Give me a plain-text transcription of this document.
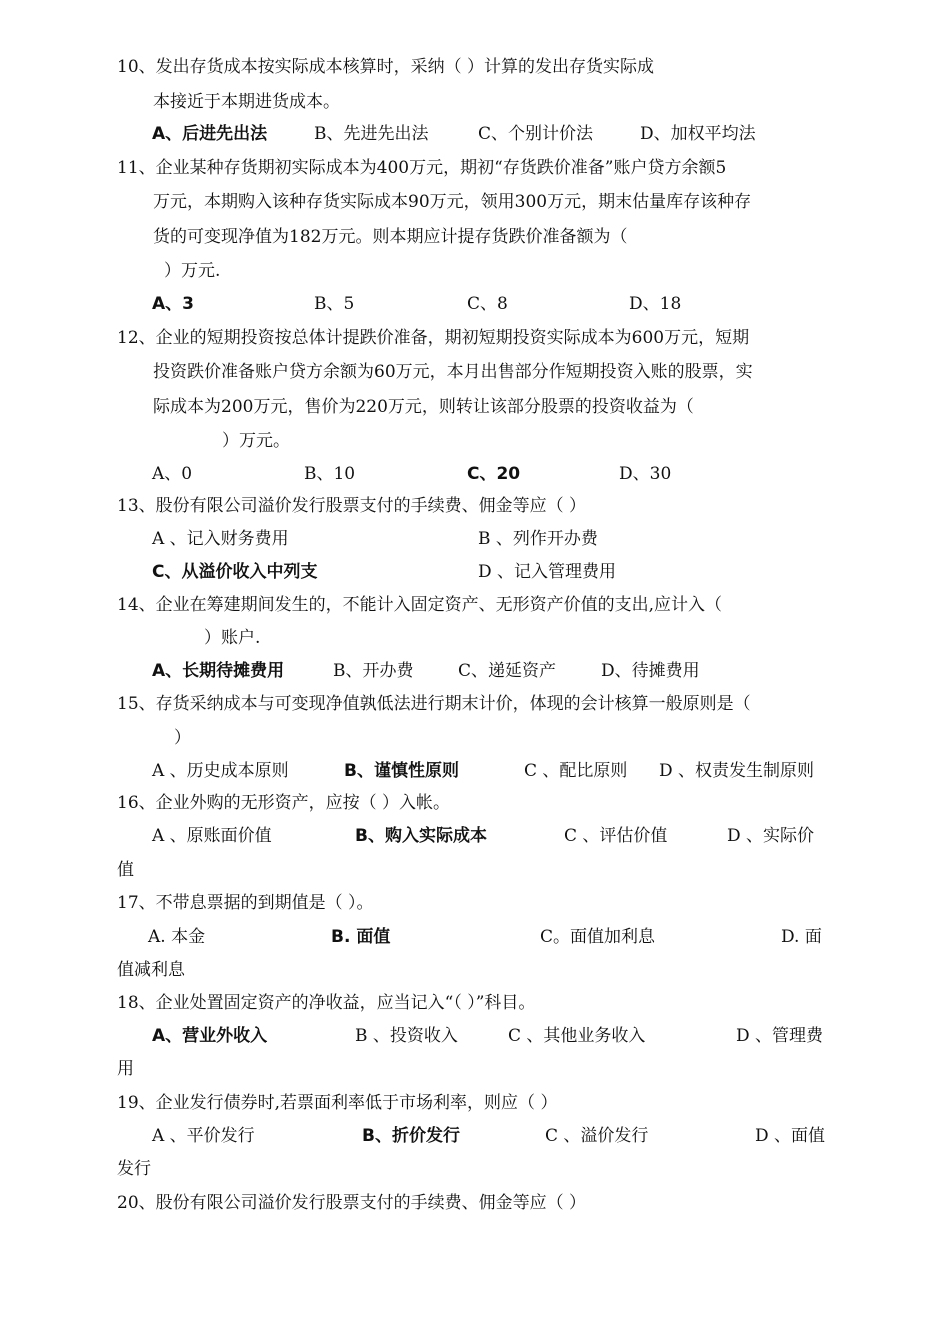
10、发出存货成本按实际成本核算时，采纳（ ）计算的发出存货实际成
本接近于本期进货成本。
A、后进先出法	B、先进先出法	C、个别计价法	D、加权平均法
11、企业某种存货期初实际成本为400万元，期初“存货跌价准备”账户贷方余额5
万元，本期购入该种存货实际成本90万元，领用300万元，期末估量库存该种存
货的可变现净值为182万元。则本期应计提存货跌价准备额为（
）万元.
A、3	B、5	C、8	D、18
12、企业的短期投资按总体计提跌价准备，期初短期投资实际成本为600万元，短期
投资跌价准备账户贷方余额为60万元，本月出售部分作短期投资入账的股票，实
际成本为200万元，售价为220万元，则转让该部分股票的投资收益为（
）万元。
A、0	B、10	C、20	D、30
13、股份有限公司溢价发行股票支付的手续费、佣金等应（ ）
A 、记入财务费用	B 、列作开办费
C、从溢价收入中列支	D 、记入管理费用
14、企业在筹建期间发生的，不能计入固定资产、无形资产价值的支出,应计入（
）账户.
A、长期待摊费用	B、开办费	C、递延资产	D、待摊费用
15、存货采纳成本与可变现净值孰低法进行期末计价，体现的会计核算一般原则是（
）
A 、历史成本原则	B、谨慎性原则	C 、配比原则 D 、权责发生制原则
16、企业外购的无形资产，应按（ ）入帐。
A 、原账面价值	B、购入实际成本	C 、评估价值	D 、实际价
值
17、不带息票据的到期值是（ ）。
A. 本金	B. 面值	C。面值加利息	D. 面
值减利息
18、企业处置固定资产的净收益，应当记入“（ ）”科目。
A、营业外收入	B 、投资收入	C 、其他业务收入	D 、管理费
用
19、企业发行债券时,若票面利率低于市场利率，则应（ ）
A 、平价发行	B、折价发行	C 、溢价发行	D 、面值
发行
20、股份有限公司溢价发行股票支付的手续费、佣金等应（ ）
